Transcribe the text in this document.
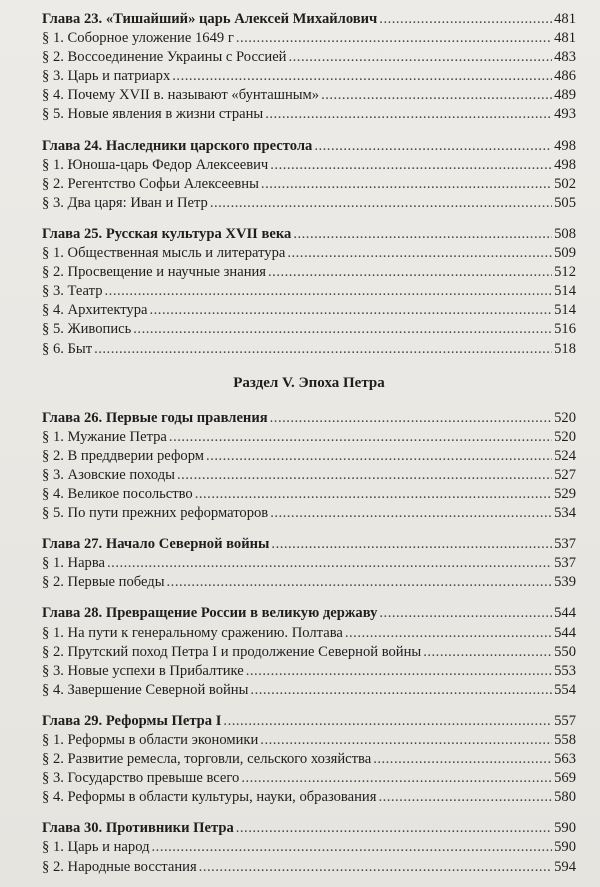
Глава 23. «Тишайший» царь Алексей Михайлович .....	481
§ 1. Соборное уложение 1649 г .....	481
§ 2. Воссоединение Украины с Россией .....	483
§ 3. Царь и патриарх .....	486
§ 4. Почему XVII в. называют «бунташным» .....	489
§ 5. Новые явления в жизни страны .....	493
Глава 24. Наследники царского престола .....	498
§ 1. Юноша-царь Федор Алексеевич .....	498
§ 2. Регентство Софьи Алексеевны .....	502
§ 3. Два царя: Иван и Петр .....	505
Глава 25. Русская культура XVII века .....	508
§ 1. Общественная мысль и литература .....	509
§ 2. Просвещение и научные знания .....	512
§ 3. Театр .....	514
§ 4. Архитектура .....	514
§ 5. Живопись .....	516
§ 6. Быт .....	518
Раздел V. Эпоха Петра
Глава 26. Первые годы правления .....	520
§ 1. Мужание Петра .....	520
§ 2. В преддверии реформ .....	524
§ 3. Азовские походы .....	527
§ 4. Великое посольство .....	529
§ 5. По пути прежних реформаторов .....	534
Глава 27. Начало Северной войны .....	537
§ 1. Нарва .....	537
§ 2. Первые победы .....	539
Глава 28. Превращение России в великую державу .....	544
§ 1. На пути к генеральному сражению. Полтава .....	544
§ 2. Прутский поход Петра I и продолжение Северной войны .....	550
§ 3. Новые успехи в Прибалтике .....	553
§ 4. Завершение Северной войны .....	554
Глава 29. Реформы Петра I .....	557
§ 1. Реформы в области экономики .....	558
§ 2. Развитие ремесла, торговли, сельского хозяйства .....	563
§ 3. Государство превыше всего .....	569
§ 4. Реформы в области культуры, науки, образования .....	580
Глава 30. Противники Петра .....	590
§ 1. Царь и народ .....	590
§ 2. Народные восстания .....	594
